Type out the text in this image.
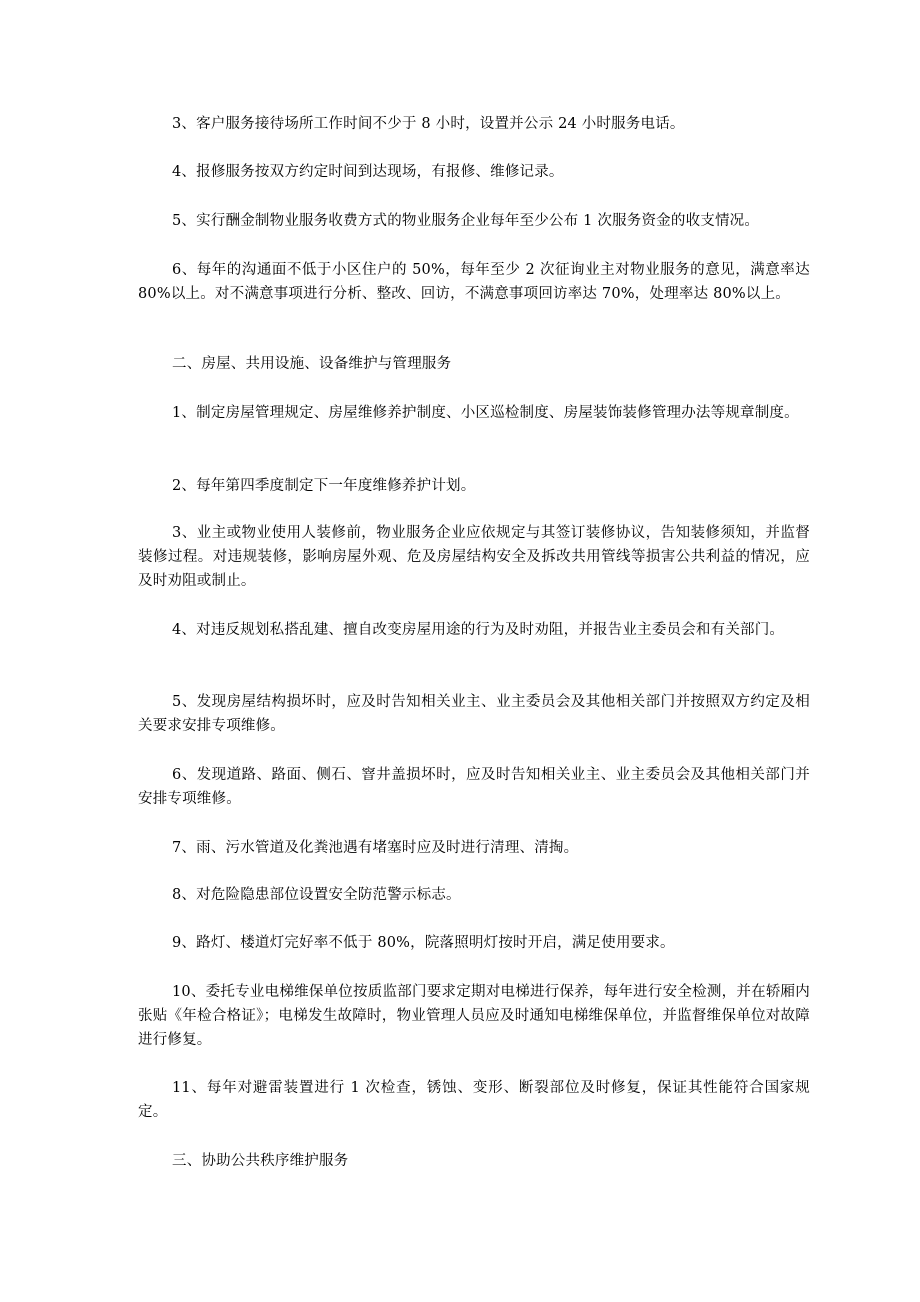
3、客户服务接待场所工作时间不少于 8 小时，设置并公示 24 小时服务电话。

4、报修服务按双方约定时间到达现场，有报修、维修记录。

5、实行酬金制物业服务收费方式的物业服务企业每年至少公布 1 次服务资金的收支情况。

6、每年的沟通面不低于小区住户的 50%，每年至少 2 次征询业主对物业服务的意见，满意率达 80%以上。对不满意事项进行分析、整改、回访，不满意事项回访率达 70%，处理率达 80%以上。

二、房屋、共用设施、设备维护与管理服务

1、制定房屋管理规定、房屋维修养护制度、小区巡检制度、房屋装饰装修管理办法等规章制度。

2、每年第四季度制定下一年度维修养护计划。

3、业主或物业使用人装修前，物业服务企业应依规定与其签订装修协议，告知装修须知，并监督装修过程。对违规装修，影响房屋外观、危及房屋结构安全及拆改共用管线等损害公共利益的情况，应及时劝阻或制止。

4、对违反规划私搭乱建、擅自改变房屋用途的行为及时劝阻，并报告业主委员会和有关部门。

5、发现房屋结构损坏时，应及时告知相关业主、业主委员会及其他相关部门并按照双方约定及相关要求安排专项维修。

6、发现道路、路面、侧石、窨井盖损坏时，应及时告知相关业主、业主委员会及其他相关部门并安排专项维修。

7、雨、污水管道及化粪池遇有堵塞时应及时进行清理、清掏。

8、对危险隐患部位设置安全防范警示标志。

9、路灯、楼道灯完好率不低于 80%，院落照明灯按时开启，满足使用要求。

10、委托专业电梯维保单位按质监部门要求定期对电梯进行保养，每年进行安全检测，并在轿厢内张贴《年检合格证》；电梯发生故障时，物业管理人员应及时通知电梯维保单位，并监督维保单位对故障进行修复。

11、每年对避雷装置进行 1 次检查，锈蚀、变形、断裂部位及时修复，保证其性能符合国家规定。

三、协助公共秩序维护服务
